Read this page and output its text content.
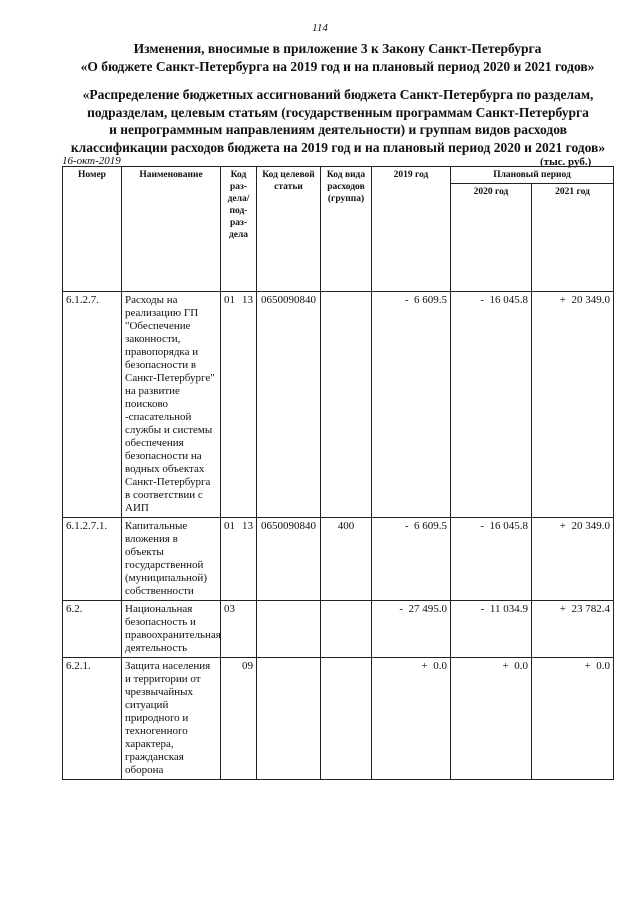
114
Изменения, вносимые в приложение 3 к Закону Санкт-Петербурга
«О бюджете Санкт-Петербурга на 2019 год и на плановый период 2020 и 2021 годов»
«Распределение бюджетных ассигнований бюджета Санкт-Петербурга по разделам,
подразделам, целевым статьям (государственным программам Санкт-Петербурга
и непрограммным направлениям деятельности) и группам видов расходов
классификации расходов бюджета на 2019 год и на плановый период 2020 и 2021 годов»
16-окт-2019	(тыс. руб.)
Номер	Наименование	Код раз-дела/ под-раз-дела	Код целевой статьи	Код вида расходов (группа)	2019 год	Плановый период	
						2020 год	2021 год
6.1.2.7.	Расходы на реализацию ГП "Обеспечение законности, правопорядка и безопасности в Санкт-Петербурге" на развитие поисково -спасательной службы и системы обеспечения безопасности на водных объектах Санкт-Петербурга в соответствии с АИП	01 13	0650090840		- 6 609.5	- 16 045.8	+ 20 349.0
6.1.2.7.1.	Капитальные вложения в объекты государственной (муниципальной) собственности	01 13	0650090840	400	- 6 609.5	- 16 045.8	+ 20 349.0
6.2.	Национальная безопасность и правоохранительная деятельность	03			- 27 495.0	- 11 034.9	+ 23 782.4
6.2.1.	Защита населения и территории от чрезвычайных ситуаций природного и техногенного характера, гражданская оборона	09			+ 0.0	+ 0.0	+ 0.0
